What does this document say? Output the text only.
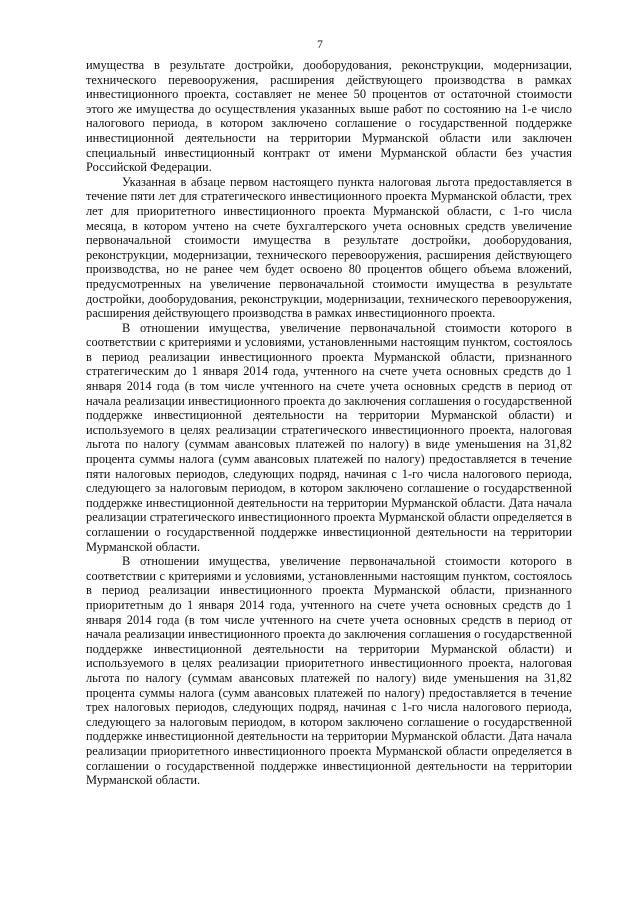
7

имущества в результате достройки, дооборудования, реконструкции, модернизации, технического перевооружения, расширения действующего производства в рамках инвестиционного проекта, составляет не менее 50 процентов от остаточной стоимости этого же имущества до осуществления указанных выше работ по состоянию на 1-е число налогового периода, в котором заключено соглашение о государственной поддержке инвестиционной деятельности на территории Мурманской области или заключен специальный инвестиционный контракт от имени Мурманской области без участия Российской Федерации.

Указанная в абзаце первом настоящего пункта налоговая льгота предоставляется в течение пяти лет для стратегического инвестиционного проекта Мурманской области, трех лет для приоритетного инвестиционного проекта Мурманской области, с 1-го числа месяца, в котором учтено на счете бухгалтерского учета основных средств увеличение первоначальной стоимости имущества в результате достройки, дооборудования, реконструкции, модернизации, технического перевооружения, расширения действующего производства, но не ранее чем будет освоено 80 процентов общего объема вложений, предусмотренных на увеличение первоначальной стоимости имущества в результате достройки, дооборудования, реконструкции, модернизации, технического перевооружения, расширения действующего производства в рамках инвестиционного проекта.

В отношении имущества, увеличение первоначальной стоимости которого в соответствии с критериями и условиями, установленными настоящим пунктом, состоялось в период реализации инвестиционного проекта Мурманской области, признанного стратегическим до 1 января 2014 года, учтенного на счете учета основных средств до 1 января 2014 года (в том числе учтенного на счете учета основных средств в период от начала реализации инвестиционного проекта до заключения соглашения о государственной поддержке инвестиционной деятельности на территории Мурманской области) и используемого в целях реализации стратегического инвестиционного проекта, налоговая льгота по налогу (суммам авансовых платежей по налогу) в виде уменьшения на 31,82 процента суммы налога (сумм авансовых платежей по налогу) предоставляется в течение пяти налоговых периодов, следующих подряд, начиная с 1-го числа налогового периода, следующего за налоговым периодом, в котором заключено соглашение о государственной поддержке инвестиционной деятельности на территории Мурманской области. Дата начала реализации стратегического инвестиционного проекта Мурманской области определяется в соглашении о государственной поддержке инвестиционной деятельности на территории Мурманской области.

В отношении имущества, увеличение первоначальной стоимости которого в соответствии с критериями и условиями, установленными настоящим пунктом, состоялось в период реализации инвестиционного проекта Мурманской области, признанного приоритетным до 1 января 2014 года, учтенного на счете учета основных средств до 1 января 2014 года (в том числе учтенного на счете учета основных средств в период от начала реализации инвестиционного проекта до заключения соглашения о государственной поддержке инвестиционной деятельности на территории Мурманской области) и используемого в целях реализации приоритетного инвестиционного проекта, налоговая льгота по налогу (суммам авансовых платежей по налогу) виде уменьшения на 31,82 процента суммы налога (сумм авансовых платежей по налогу) предоставляется в течение трех налоговых периодов, следующих подряд, начиная с 1-го числа налогового периода, следующего за налоговым периодом, в котором заключено соглашение о государственной поддержке инвестиционной деятельности на территории Мурманской области. Дата начала реализации приоритетного инвестиционного проекта Мурманской области определяется в соглашении о государственной поддержке инвестиционной деятельности на территории Мурманской области.
